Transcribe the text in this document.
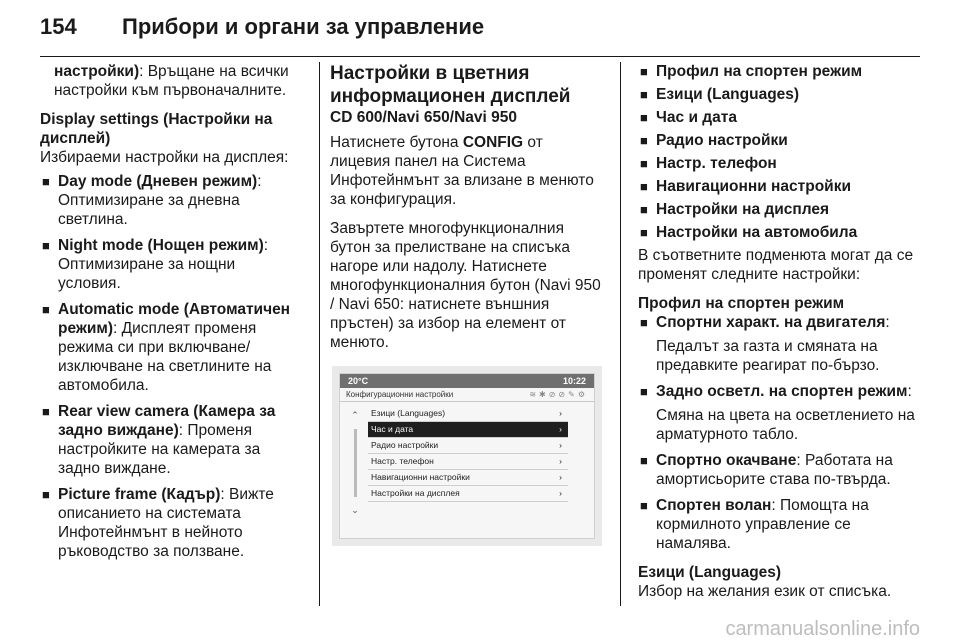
154	Прибори и органи за управление

настройки): Връщане на всички настройки към първоначалните.

Display settings (Настройки на дисплей)
Избираеми настройки на дисплея:
■ Day mode (Дневен режим): Оптимизиране за дневна светлина.
■ Night mode (Нощен режим): Оптимизиране за нощни условия.
■ Automatic mode (Автоматичен режим): Дисплеят променя режима си при включване/ изключване на светлините на автомобила.
■ Rear view camera (Камера за задно виждане): Променя настройките на камерата за задно виждане.
■ Picture frame (Кадър): Вижте описанието на системата Инфотейнмънт в нейното ръководство за ползване.
Настройки в цветния информационен дисплей
CD 600/Navi 650/Navi 950

Натиснете бутона CONFIG от лицевия панел на Система Инфотейнмънт за влизане в менюто за конфигурация.

Завъртете многофункционалния бутон за прелистване на списъка нагоре или надолу. Натиснете многофункционалния бутон (Navi 950 / Navi 650: натиснете външния пръстен) за избор на елемент от менюто.

20°C	10:22
Конфигурационни настройки	≋✱⊘⊘✎⚙
⌃
⌄
Езици (Languages)	›
Час и дата	›
Радио настройки	›
Настр. телефон	›
Навигационни настройки	›
Настройки на дисплея	›
■ Профил на спортен режим
■ Езици (Languages)
■ Час и дата
■ Радио настройки
■ Настр. телефон
■ Навигационни настройки
■ Настройки на дисплея
■ Настройки на автомобила

В съответните подменюта могат да се променят следните настройки:

Профил на спортен режим
■ Спортни характ. на двигателя:
Педалът за газта и смяната на предавките реагират по-бързо.
■ Задно осветл. на спортен режим:
Смяна на цвета на осветлението на арматурното табло.
■ Спортно окачване: Работата на амортисьорите става по-твърда.
■ Спортен волан: Помощта на кормилното управление се намалява.
Езици (Languages)
Избор на желания език от списъка.
carmanualsonline.info
